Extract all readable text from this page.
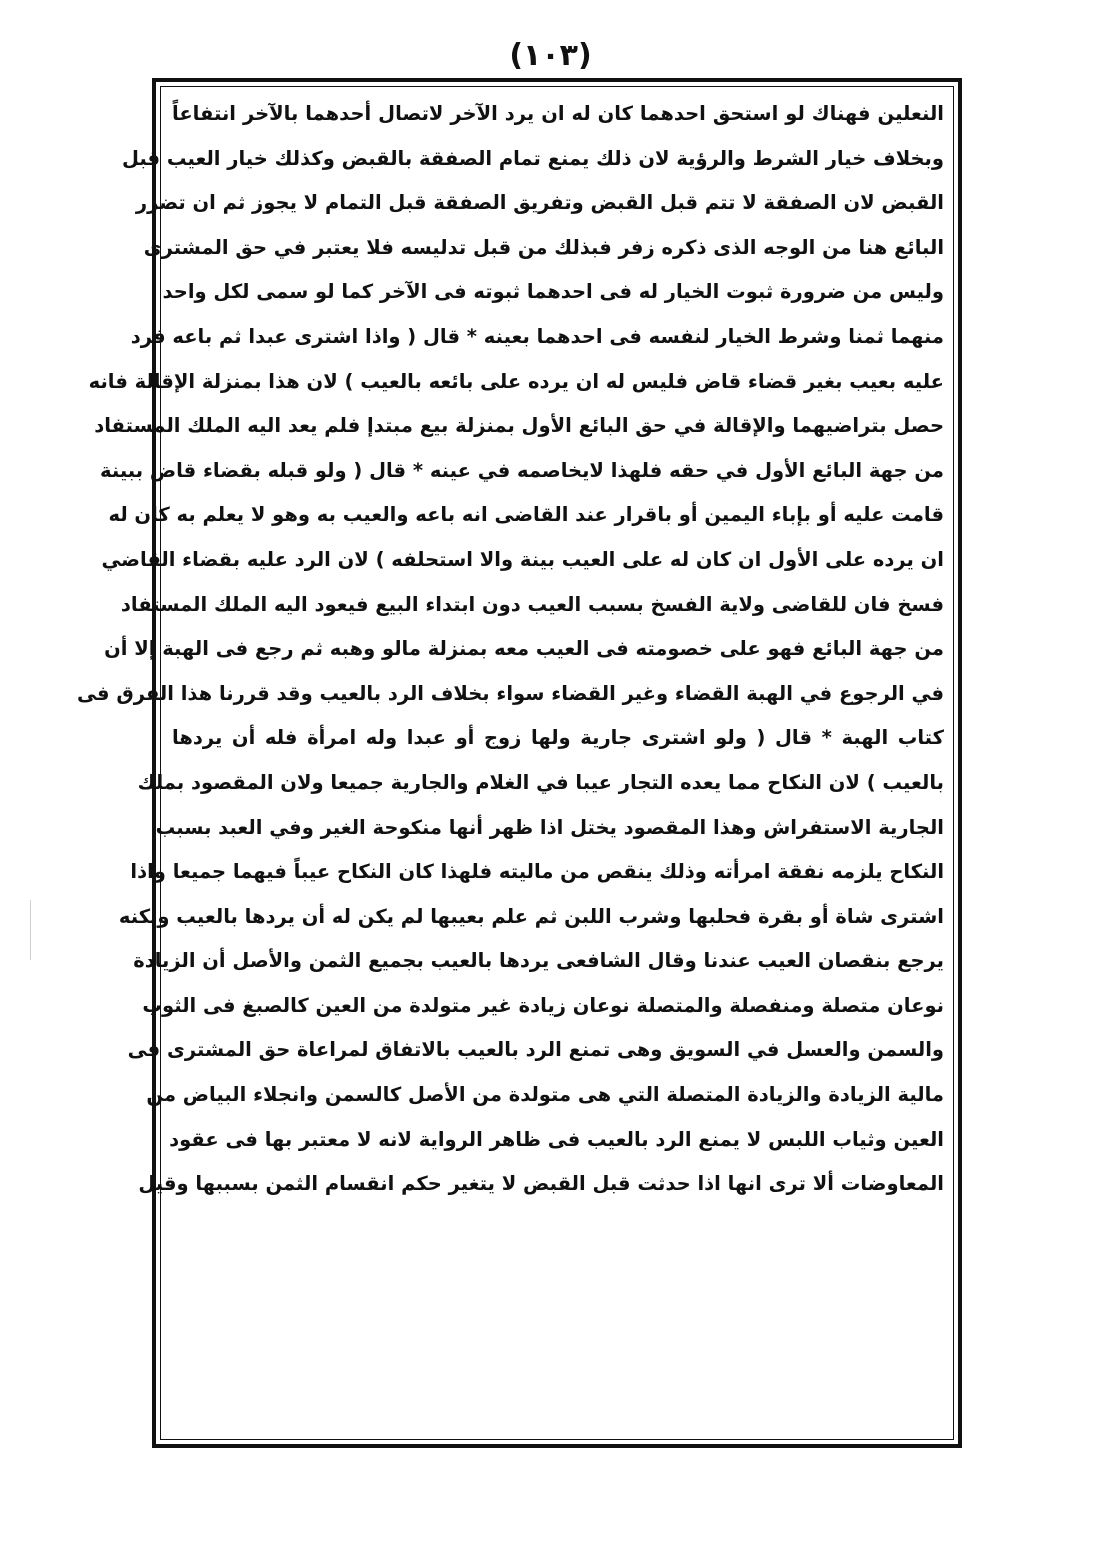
(١٠٣)
النعلين فهناك لو استحق احدهما كان له ان يرد الآخر لاتصال أحدهما بالآخر انتفاعاً
وبخلاف خيار الشرط والرؤية لان ذلك يمنع تمام الصفقة بالقبض وكذلك خيار العيب قبل
القبض لان الصفقة لا تتم قبل القبض وتفريق الصفقة قبل التمام لا يجوز ثم ان تضرر
البائع هنا من الوجه الذى ذكره زفر فبذلك من قبل تدليسه فلا يعتبر في حق المشترى
وليس من ضرورة ثبوت الخيار له فى احدهما ثبوته فى الآخر كما لو سمى لكل واحد
منهما ثمنا وشرط الخيار لنفسه فى احدهما بعينه * قال ( واذا اشترى عبدا ثم باعه فرد
عليه بعيب بغير قضاء قاض فليس له ان يرده على بائعه بالعيب ) لان هذا بمنزلة الإقالة فانه
حصل بتراضيهما والإقالة في حق البائع الأول بمنزلة بيع مبتدإ فلم يعد اليه الملك المستفاد
من جهة البائع الأول في حقه فلهذا لايخاصمه في عينه * قال ( ولو قبله بقضاء قاض ببينة
قامت عليه أو بإباء اليمين أو باقرار عند القاضى انه باعه والعيب به وهو لا يعلم به كان له
ان يرده على الأول ان كان له على العيب بينة والا استحلفه ) لان الرد عليه بقضاء القاضي
فسخ فان للقاضى ولاية الفسخ بسبب العيب دون ابتداء البيع فيعود اليه الملك المستفاد
من جهة البائع فهو على خصومته فى العيب معه بمنزلة مالو وهبه ثم رجع فى الهبة إلا أن
في الرجوع في الهبة القضاء وغير القضاء سواء بخلاف الرد بالعيب وقد قررنا هذا الفرق فى
كتاب الهبة * قال ( ولو اشترى جارية ولها زوج أو عبدا وله امرأة فله أن يردها
بالعيب ) لان النكاح مما يعده التجار عيبا في الغلام والجارية جميعا ولان المقصود بملك
الجارية الاستفراش وهذا المقصود يختل اذا ظهر أنها منكوحة الغير وفي العبد بسبب
النكاح يلزمه نفقة امرأته وذلك ينقص من ماليته فلهذا كان النكاح عيباً فيهما جميعا واذا
اشترى شاة أو بقرة فحلبها وشرب اللبن ثم علم بعيبها لم يكن له أن يردها بالعيب ولكنه
يرجع بنقصان العيب عندنا وقال الشافعى يردها بالعيب بجميع الثمن والأصل أن الزيادة
نوعان متصلة ومنفصلة والمتصلة نوعان زيادة غير متولدة من العين كالصبغ فى الثوب
والسمن والعسل في السويق وهى تمنع الرد بالعيب بالاتفاق لمراعاة حق المشترى فى
مالية الزيادة والزيادة المتصلة التي هى متولدة من الأصل كالسمن وانجلاء البياض من
العين وثياب اللبس لا يمنع الرد بالعيب فى ظاهر الرواية لانه لا معتبر بها فى عقود
المعاوضات ألا ترى انها اذا حدثت قبل القبض لا يتغير حكم انقسام الثمن بسببها وقيل
